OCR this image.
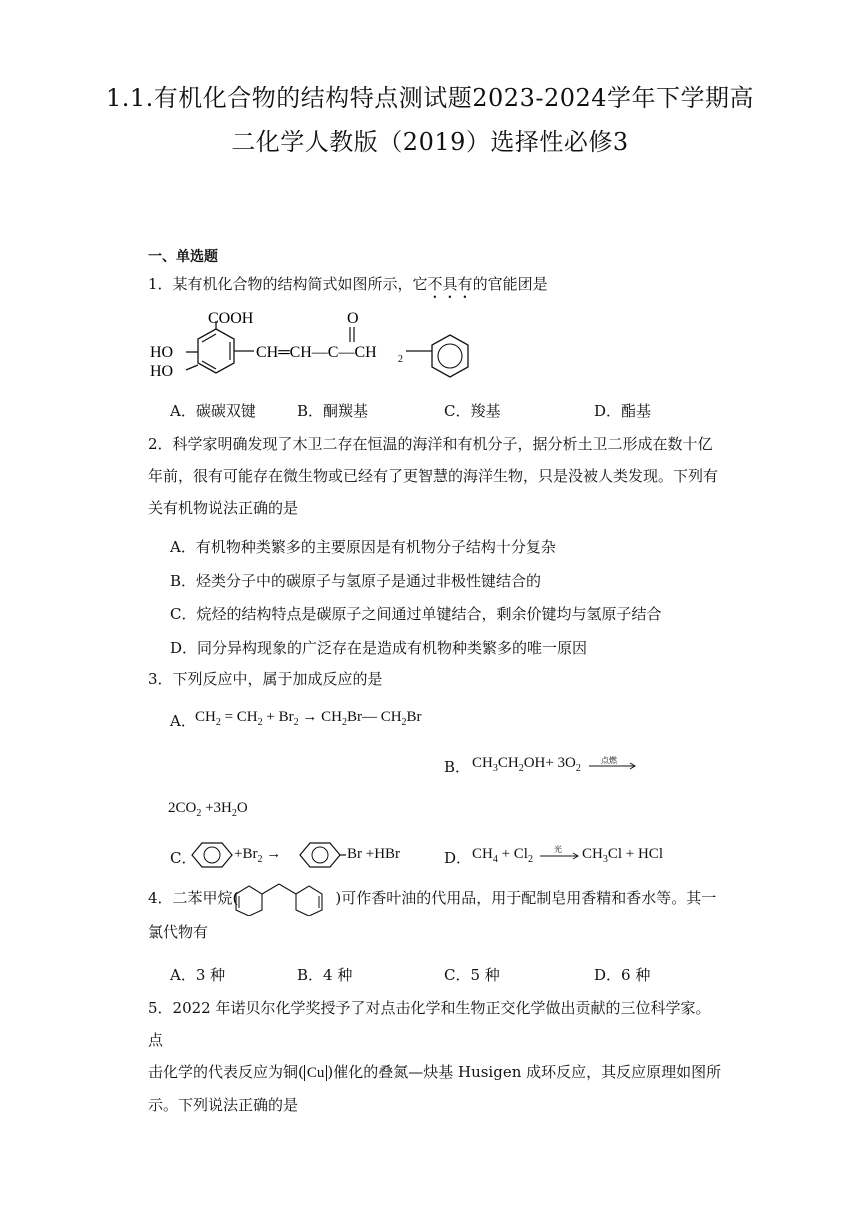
1.1.有机化合物的结构特点测试题2023-2024学年下学期高
二化学人教版（2019）选择性必修3
一、单选题
1．某有机化合物的结构简式如图所示，它不具有的官能团是
COOH
HO
HO
CH═CH—C—CH 2
O
A．碳碳双键	B．酮羰基	C．羧基	D．酯基
2．科学家明确发现了木卫二存在恒温的海洋和有机分子，据分析土卫二形成在数十亿
年前，很有可能存在微生物或已经有了更智慧的海洋生物，只是没被人类发现。下列有
关有机物说法正确的是
A．有机物种类繁多的主要原因是有机物分子结构十分复杂
B．烃类分子中的碳原子与氢原子是通过非极性键结合的
C．烷烃的结构特点是碳原子之间通过单键结合，剩余价键均与氢原子结合
D．同分异构现象的广泛存在是造成有机物种类繁多的唯一原因
3．下列反应中，属于加成反应的是
A． $CH_2 = CH_2 + Br_2$ → $CH_2Br—$ $CH_2Br$
B． $CH_3CH_2OH+ 3O_2$
点燃
$2CO_2 +3H_2O$
C．	$+Br_2$ →	Br +HBr	D． $CH_4 + Cl_2$
光 $CH_3Cl$ + HCl
4．二苯甲烷(	)可作香叶油的代用品，用于配制皂用香精和香水等。其一
氯代物有
A．3 种	B．4 种	C．5 种	D．6 种
5．2022 年诺贝尔化学奖授予了对点击化学和生物正交化学做出贡献的三位科学家。点
击化学的代表反应为铜( Cu )催化的叠氮—炔基 Husigen 成环反应，其反应原理如图所
示。下列说法正确的是
